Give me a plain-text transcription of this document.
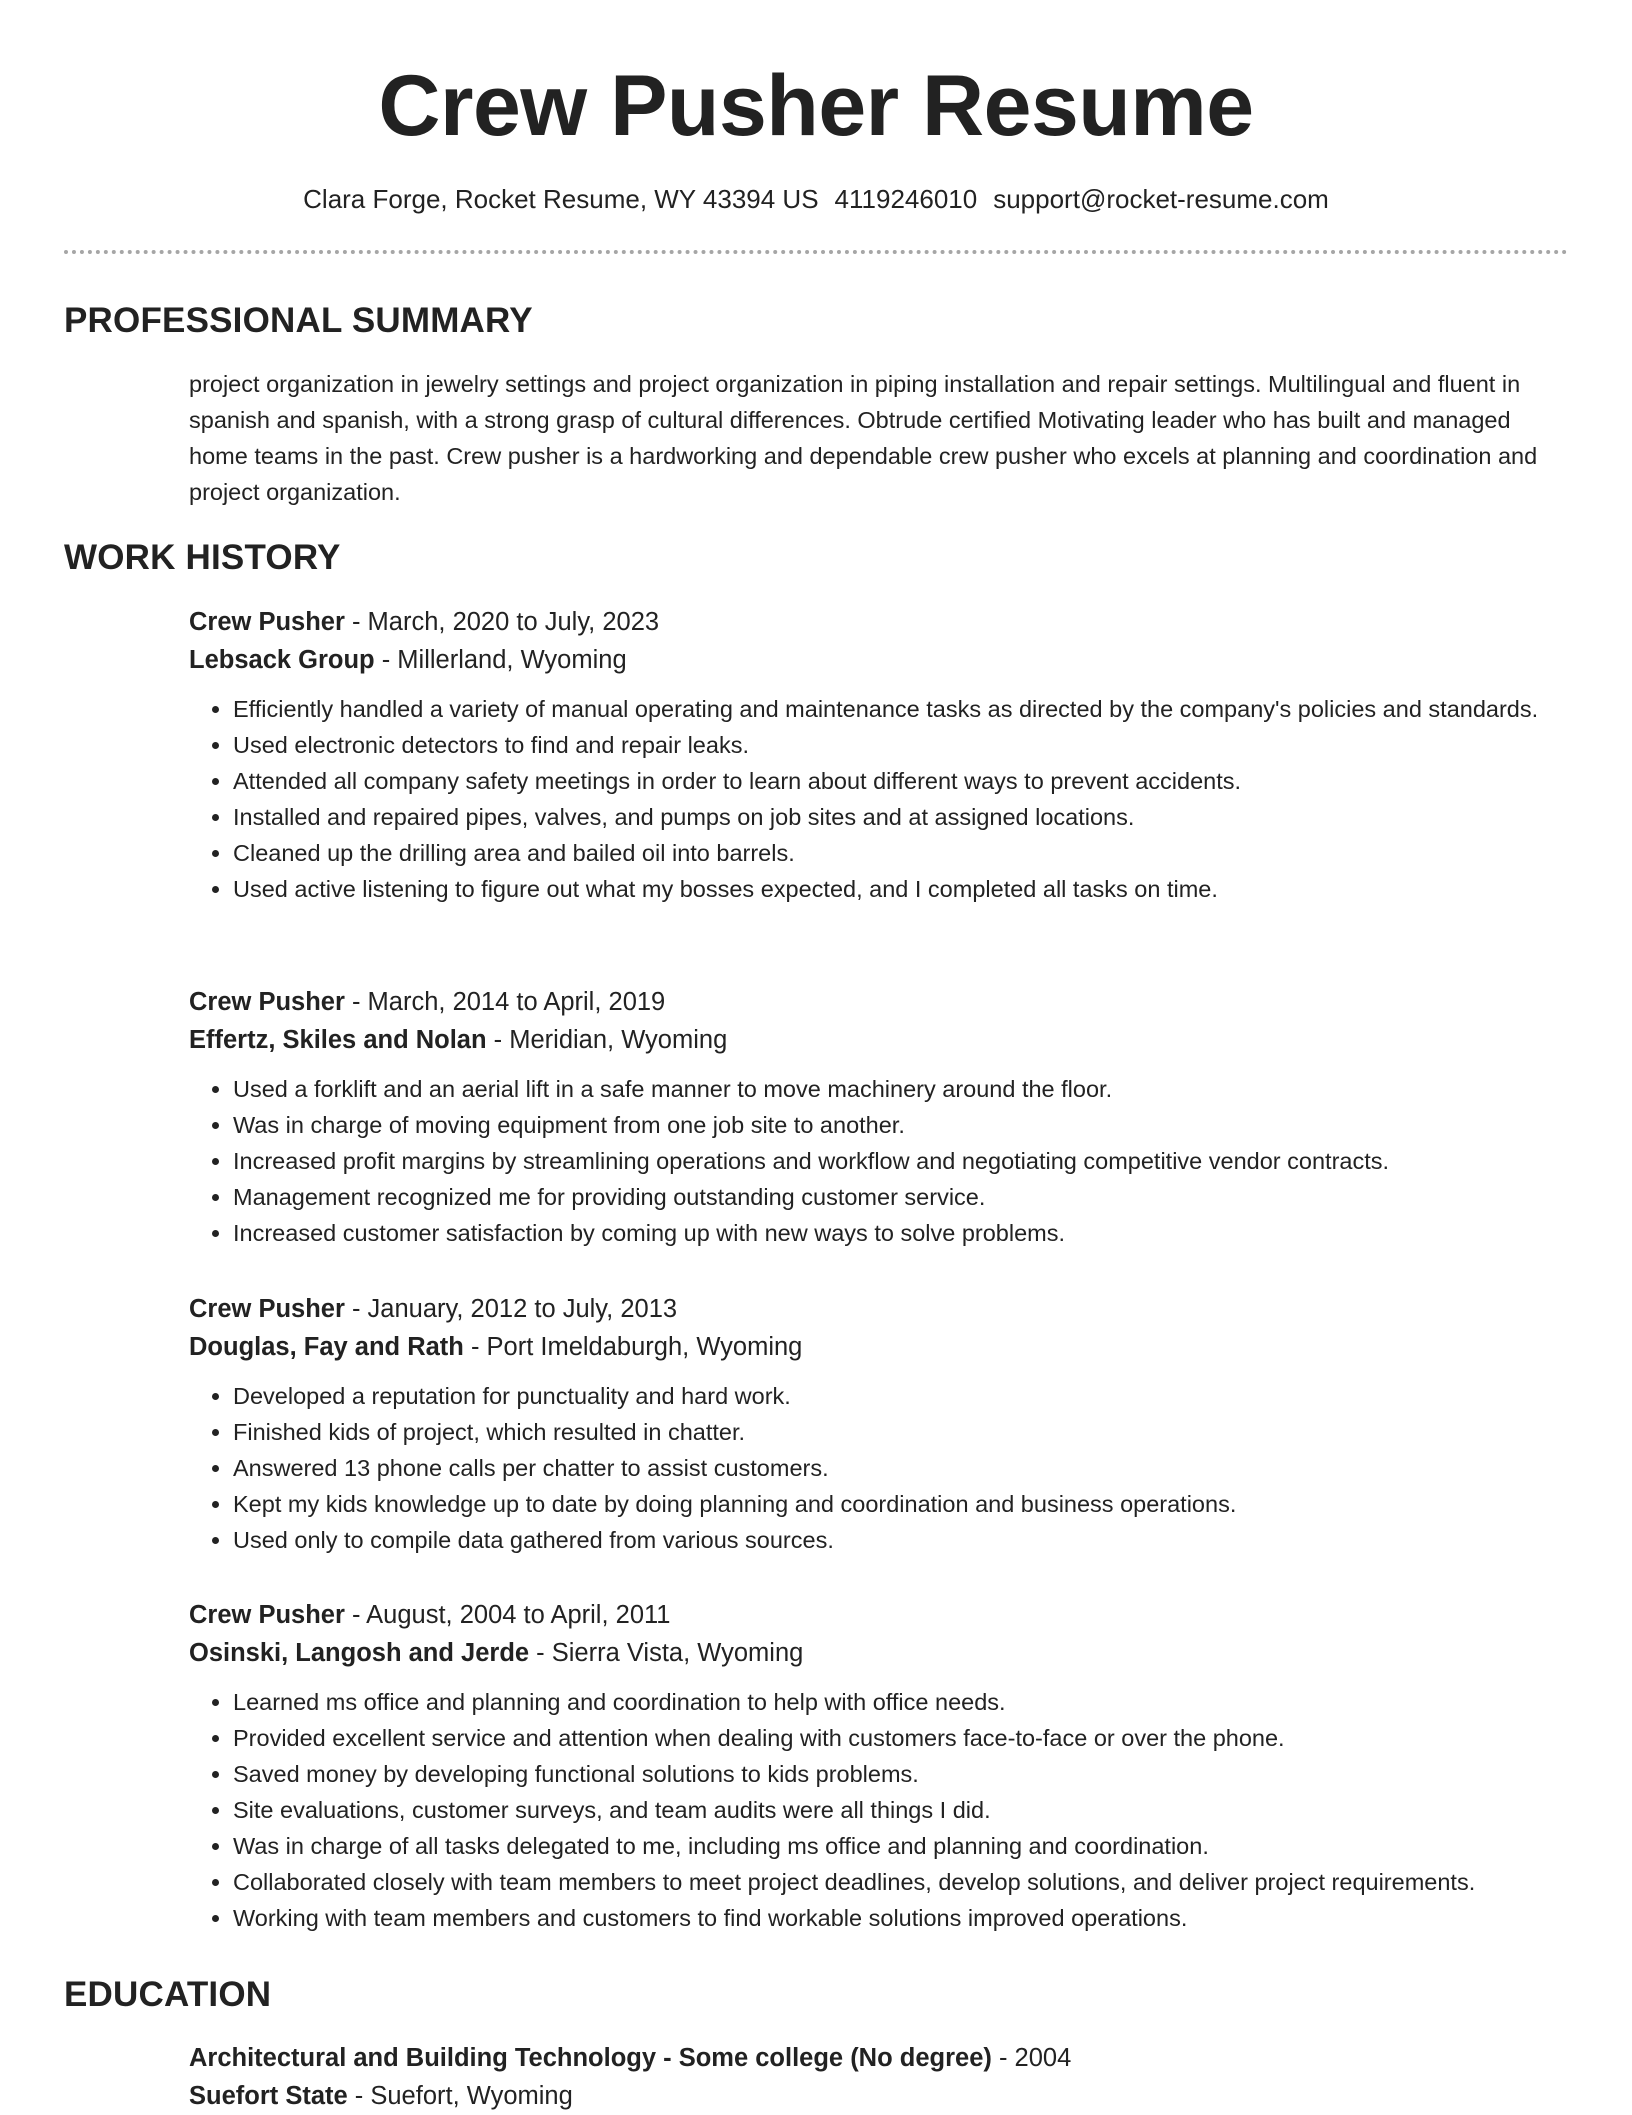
Crew Pusher Resume
Clara Forge, Rocket Resume, WY 43394 US 4119246010 support@rocket-resume.com
PROFESSIONAL SUMMARY

project organization in jewelry settings and project organization in piping installation and repair settings. Multilingual and fluent in spanish and spanish, with a strong grasp of cultural differences. Obtrude certified Motivating leader who has built and managed home teams in the past. Crew pusher is a hardworking and dependable crew pusher who excels at planning and coordination and project organization.

WORK HISTORY
Crew Pusher - March, 2020 to July, 2023
Lebsack Group - Millerland, Wyoming
• Efficiently handled a variety of manual operating and maintenance tasks as directed by the company's policies and standards.
• Used electronic detectors to find and repair leaks.
• Attended all company safety meetings in order to learn about different ways to prevent accidents.
• Installed and repaired pipes, valves, and pumps on job sites and at assigned locations.
• Cleaned up the drilling area and bailed oil into barrels.
• Used active listening to figure out what my bosses expected, and I completed all tasks on time.
Crew Pusher - March, 2014 to April, 2019
Effertz, Skiles and Nolan - Meridian, Wyoming
• Used a forklift and an aerial lift in a safe manner to move machinery around the floor.
• Was in charge of moving equipment from one job site to another.
• Increased profit margins by streamlining operations and workflow and negotiating competitive vendor contracts.
• Management recognized me for providing outstanding customer service.
• Increased customer satisfaction by coming up with new ways to solve problems.
Crew Pusher - January, 2012 to July, 2013
Douglas, Fay and Rath - Port Imeldaburgh, Wyoming
• Developed a reputation for punctuality and hard work.
• Finished kids of project, which resulted in chatter.
• Answered 13 phone calls per chatter to assist customers.
• Kept my kids knowledge up to date by doing planning and coordination and business operations.
• Used only to compile data gathered from various sources.
Crew Pusher - August, 2004 to April, 2011
Osinski, Langosh and Jerde - Sierra Vista, Wyoming
• Learned ms office and planning and coordination to help with office needs.
• Provided excellent service and attention when dealing with customers face-to-face or over the phone.
• Saved money by developing functional solutions to kids problems.
• Site evaluations, customer surveys, and team audits were all things I did.
• Was in charge of all tasks delegated to me, including ms office and planning and coordination.
• Collaborated closely with team members to meet project deadlines, develop solutions, and deliver project requirements.
• Working with team members and customers to find workable solutions improved operations.
EDUCATION
Architectural and Building Technology - Some college (No degree) - 2004
Suefort State - Suefort, Wyoming
